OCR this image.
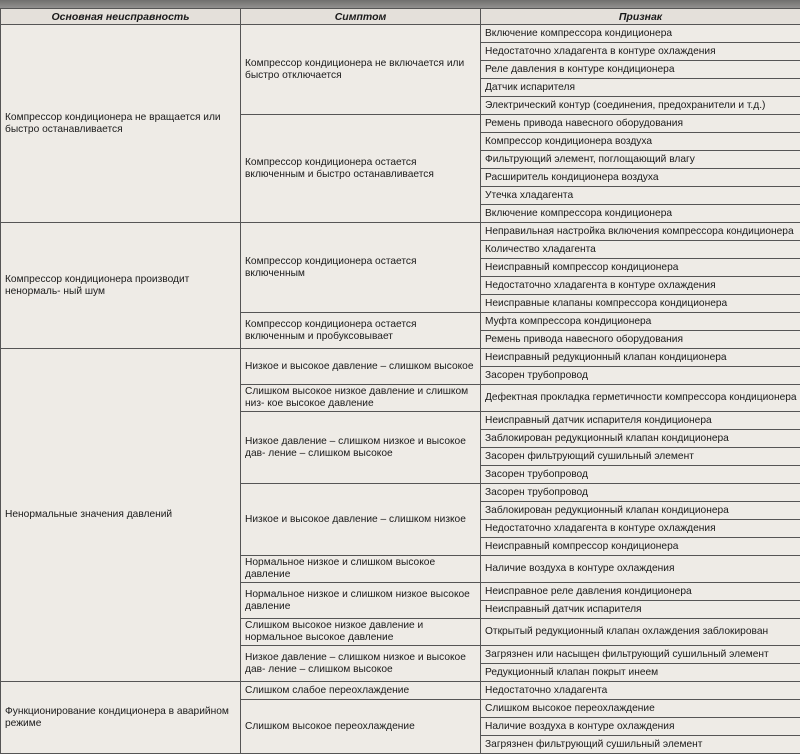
Основная неисправность	Симптом	Признак
Компрессор кондиционера не вращается или быстро останавливается	Компрессор кондиционера не включается или быстро отключается	Включение компрессора кондиционера
		Недостаточно хладагента в контуре охлаждения
		Реле давления в контуре кондиционера
		Датчик испарителя
		Электрический контур (соединения, предохранители и т.д.)
	Компрессор кондиционера остается включенным и быстро останавливается	Ремень привода навесного оборудования
		Компрессор кондиционера воздуха
		Фильтрующий элемент, поглощающий влагу
		Расширитель кондиционера воздуха
		Утечка хладагента
		Включение компрессора кондиционера
Компрессор кондиционера производит ненормаль- ный шум	Компрессор кондиционера остается включенным	Неправильная настройка включения компрессора кондиционера
		Количество хладагента
		Неисправный компрессор кондиционера
		Недостаточно хладагента в контуре охлаждения
		Неисправные клапаны компрессора кондиционера
	Компрессор кондиционера остается включенным и пробуксовывает	Муфта компрессора кондиционера
		Ремень привода навесного оборудования
Ненормальные значения давлений	Низкое и высокое давление – слишком высокое	Неисправный редукционный клапан кондиционера
		Засорен трубопровод
	Слишком высокое низкое давление и слишком низ- кое высокое давление	Дефектная прокладка герметичности компрессора кондиционера
	Низкое давление – слишком низкое и высокое дав- ление – слишком высокое	Неисправный датчик испарителя кондиционера
		Заблокирован редукционный клапан кондиционера
		Засорен фильтрующий сушильный элемент
		Засорен трубопровод
	Низкое и высокое давление – слишком низкое	Засорен трубопровод
		Заблокирован редукционный клапан кондиционера
		Недостаточно хладагента в контуре охлаждения
		Неисправный компрессор кондиционера
	Нормальное низкое и слишком высокое давление	Наличие воздуха в контуре охлаждения
	Нормальное низкое и слишком низкое высокое давление	Неисправное реле давления кондиционера
		Неисправный датчик испарителя
	Слишком высокое низкое давление и нормальное высокое давление	Открытый редукционный клапан охлаждения заблокирован
	Низкое давление – слишком низкое и высокое дав- ление – слишком высокое	Загрязнен или насыщен фильтрующий сушильный элемент
		Редукционный клапан покрыт инеем
Функционирование кондиционера в аварийном режиме	Слишком слабое переохлаждение	Недостаточно хладагента
	Слишком высокое переохлаждение	Слишком высокое переохлаждение
		Наличие воздуха в контуре охлаждения
		Загрязнен фильтрующий сушильный элемент
